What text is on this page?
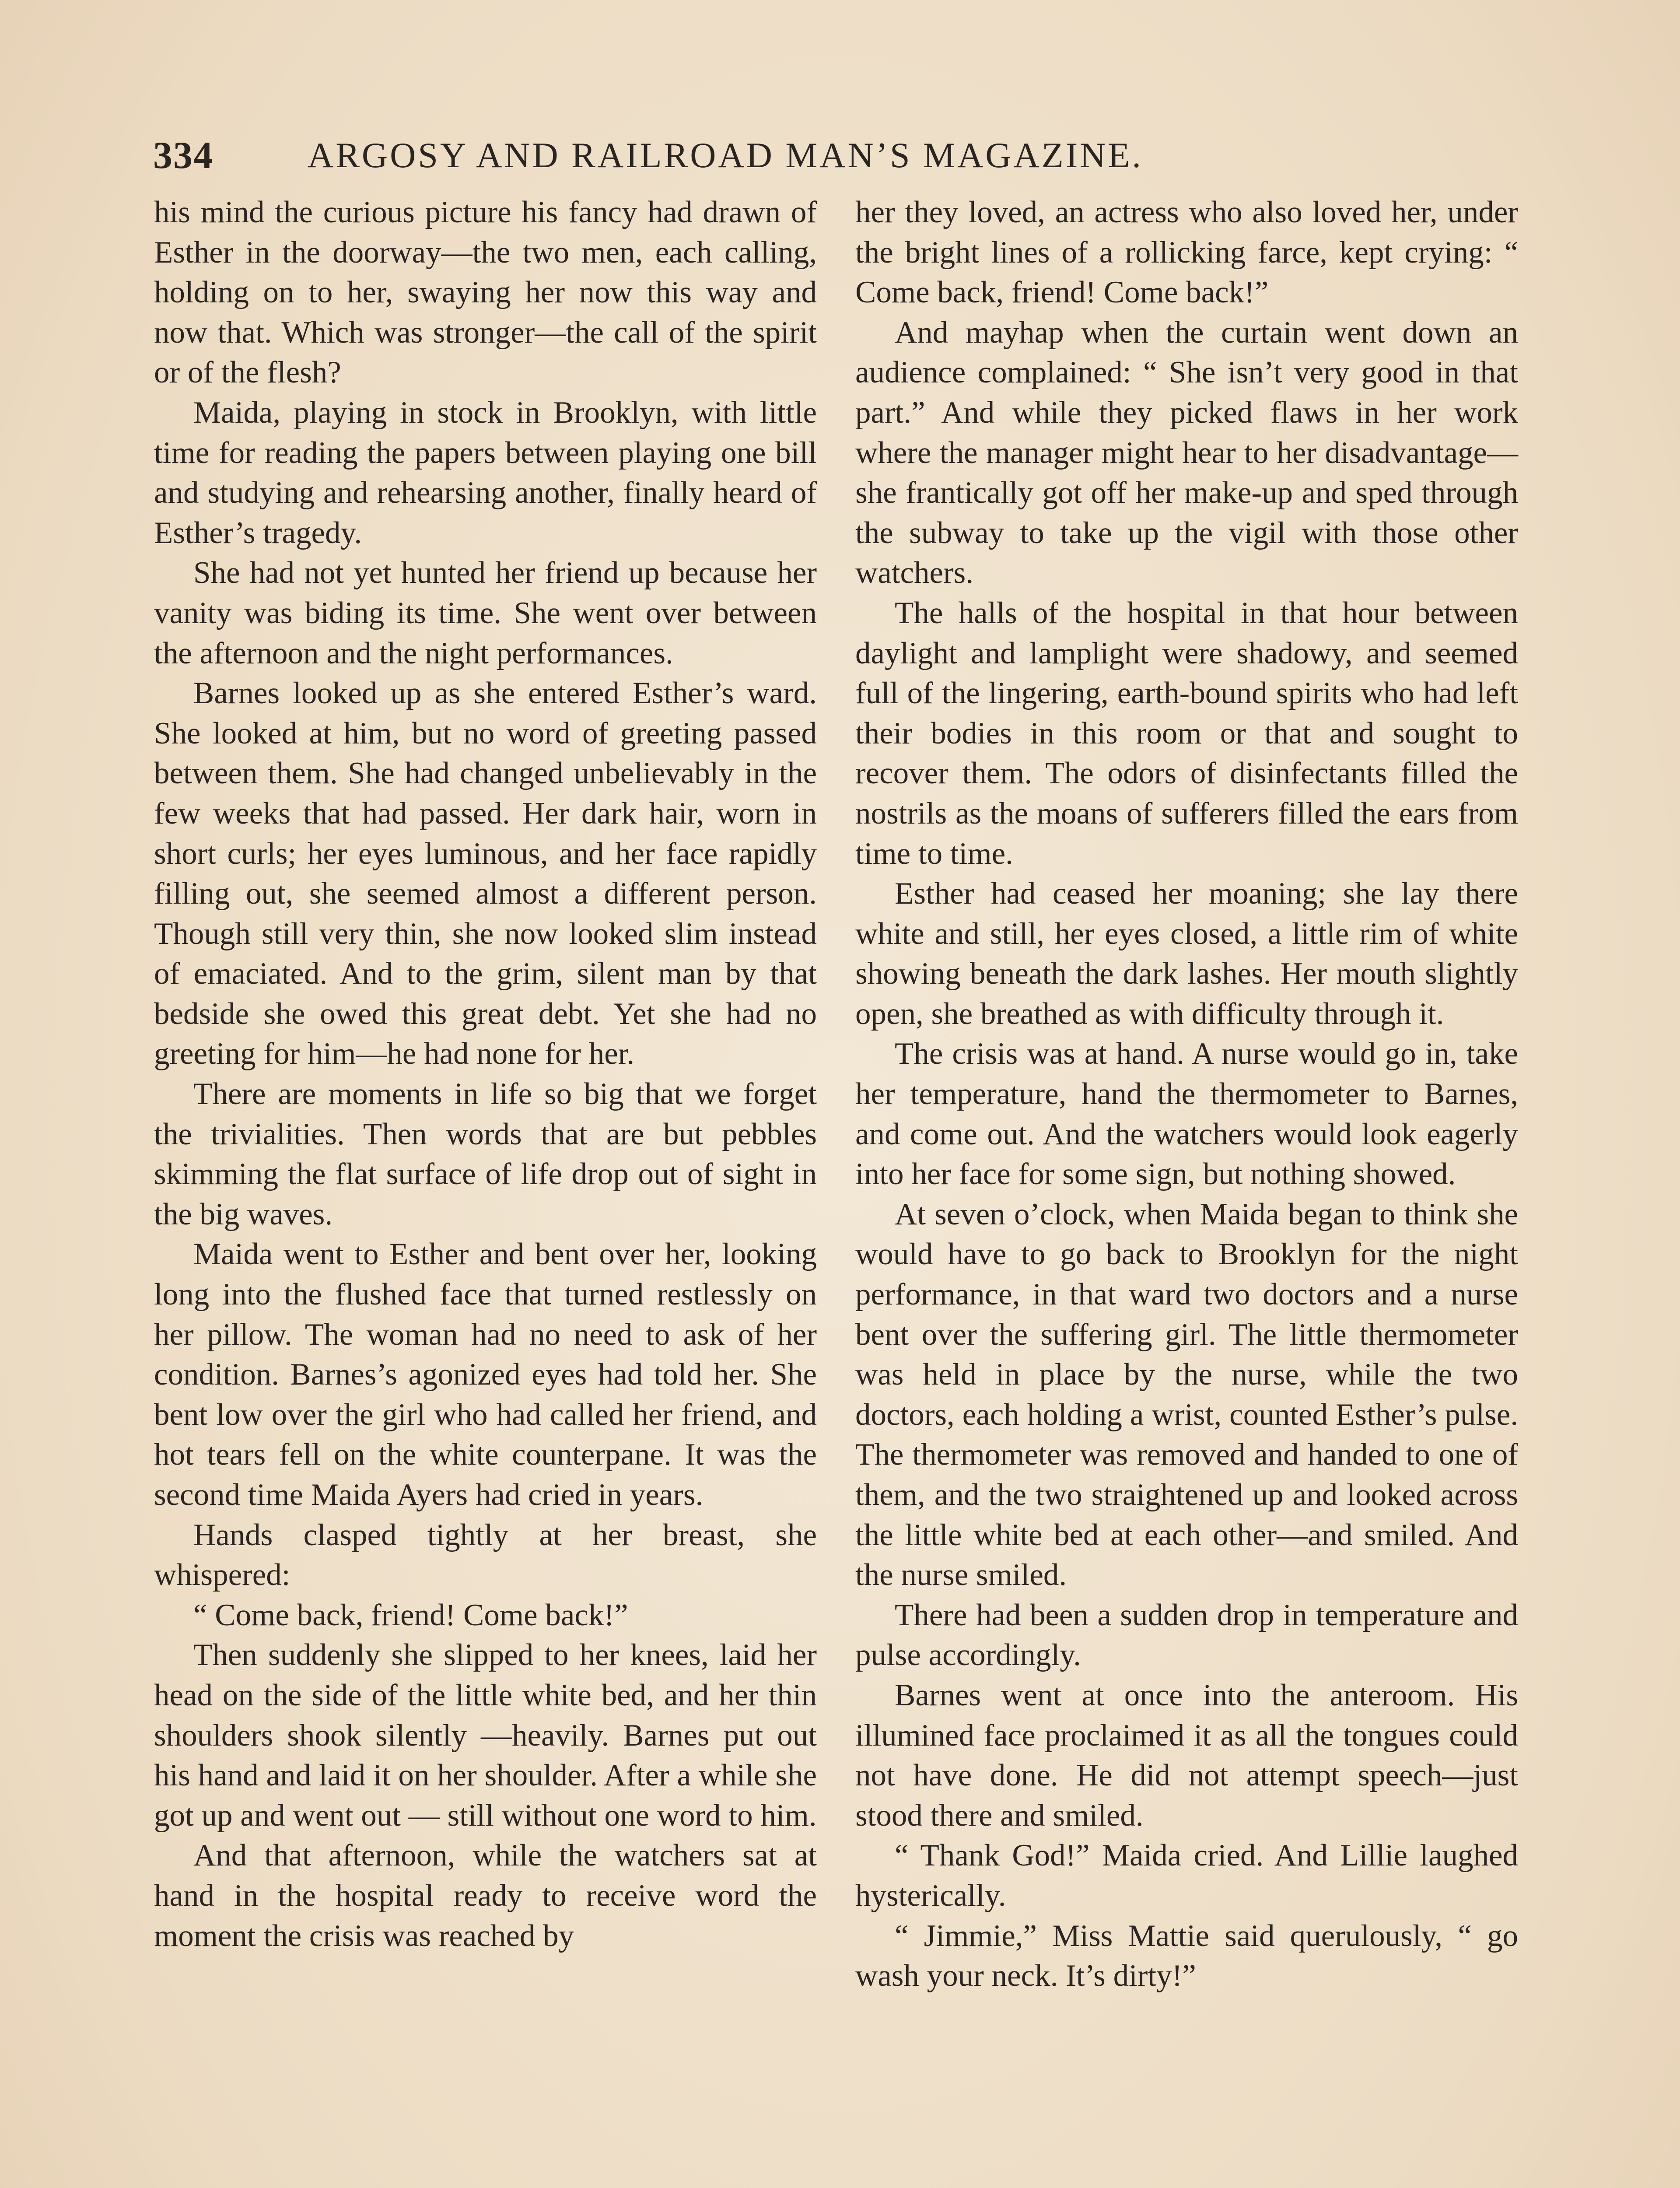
334	ARGOSY AND RAILROAD MAN’S MAGAZINE.

his mind the curious picture his fancy had drawn of Esther in the doorway—the two men, each calling, holding on to her, swaying her now this way and now that. Which was stronger—the call of the spirit or of the flesh?

Maida, playing in stock in Brooklyn, with little time for reading the papers between playing one bill and studying and rehearsing another, finally heard of Esther’s tragedy.

She had not yet hunted her friend up because her vanity was biding its time. She went over between the afternoon and the night performances.

Barnes looked up as she entered Esther’s ward. She looked at him, but no word of greeting passed between them. She had changed unbelievably in the few weeks that had passed. Her dark hair, worn in short curls; her eyes luminous, and her face rapidly filling out, she seemed almost a different person. Though still very thin, she now looked slim instead of emaciated. And to the grim, silent man by that bedside she owed this great debt. Yet she had no greeting for him—he had none for her.

There are moments in life so big that we forget the trivialities. Then words that are but pebbles skimming the flat surface of life drop out of sight in the big waves.

Maida went to Esther and bent over her, looking long into the flushed face that turned restlessly on her pillow. The woman had no need to ask of her condition. Barnes’s agonized eyes had told her. She bent low over the girl who had called her friend, and hot tears fell on the white counterpane. It was the second time Maida Ayers had cried in years.

Hands clasped tightly at her breast, she whispered:

“ Come back, friend! Come back!”

Then suddenly she slipped to her knees, laid her head on the side of the little white bed, and her thin shoulders shook silently —heavily. Barnes put out his hand and laid it on her shoulder. After a while she got up and went out — still without one word to him.

And that afternoon, while the watchers sat at hand in the hospital ready to receive word the moment the crisis was reached by

her they loved, an actress who also loved her, under the bright lines of a rollicking farce, kept crying: “ Come back, friend! Come back!”

And mayhap when the curtain went down an audience complained: “ She isn’t very good in that part.” And while they picked flaws in her work where the manager might hear to her disadvantage—she frantically got off her make-up and sped through the subway to take up the vigil with those other watchers.

The halls of the hospital in that hour between daylight and lamplight were shadowy, and seemed full of the lingering, earth-bound spirits who had left their bodies in this room or that and sought to recover them. The odors of disinfectants filled the nostrils as the moans of sufferers filled the ears from time to time.

Esther had ceased her moaning; she lay there white and still, her eyes closed, a little rim of white showing beneath the dark lashes. Her mouth slightly open, she breathed as with difficulty through it.

The crisis was at hand. A nurse would go in, take her temperature, hand the thermometer to Barnes, and come out. And the watchers would look eagerly into her face for some sign, but nothing showed.

At seven o’clock, when Maida began to think she would have to go back to Brooklyn for the night performance, in that ward two doctors and a nurse bent over the suffering girl. The little thermometer was held in place by the nurse, while the two doctors, each holding a wrist, counted Esther’s pulse. The thermometer was removed and handed to one of them, and the two straightened up and looked across the little white bed at each other—and smiled. And the nurse smiled.

There had been a sudden drop in temperature and pulse accordingly.

Barnes went at once into the anteroom. His illumined face proclaimed it as all the tongues could not have done. He did not attempt speech—just stood there and smiled.

“ Thank God!” Maida cried. And Lillie laughed hysterically.

“ Jimmie,” Miss Mattie said querulously, “ go wash your neck. It’s dirty!”
